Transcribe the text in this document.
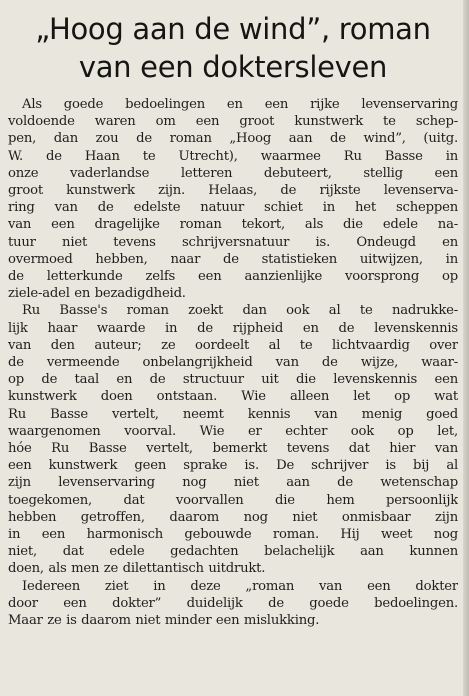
„Hoog aan de wind”, roman
van een doktersleven

Als goede bedoelingen en een rijke levenservaring
voldoende waren om een groot kunstwerk te schep-
pen, dan zou de roman „Hoog aan de wind”, (uitg.
W. de Haan te Utrecht), waarmee Ru Basse in
onze vaderlandse letteren debuteert, stellig een
groot kunstwerk zijn. Helaas, de rijkste levenserva-
ring van de edelste natuur schiet in het scheppen
van een dragelijke roman tekort, als die edele na-
tuur niet tevens schrijversnatuur is. Ondeugd en
overmoed hebben, naar de statistieken uitwijzen, in
de letterkunde zelfs een aanzienlijke voorsprong op
ziele-adel en bezadigdheid.

Ru Basse's roman zoekt dan ook al te nadrukke-
lijk haar waarde in de rijpheid en de levenskennis
van den auteur; ze oordeelt al te lichtvaardig over
de vermeende onbelangrijkheid van de wijze, waar-
op de taal en de structuur uit die levenskennis een
kunstwerk doen ontstaan. Wie alleen let op wat
Ru Basse vertelt, neemt kennis van menig goed
waargenomen voorval. Wie er echter ook op let,
hóe Ru Basse vertelt, bemerkt tevens dat hier van
een kunstwerk geen sprake is. De schrijver is bij al
zijn levenservaring nog niet aan de wetenschap
toegekomen, dat voorvallen die hem persoonlijk
hebben getroffen, daarom nog niet onmisbaar zijn
in een harmonisch gebouwde roman. Hij weet nog
niet, dat edele gedachten belachelijk aan kunnen
doen, als men ze dilettantisch uitdrukt.

Iedereen ziet in deze „roman van een dokter
door een dokter” duidelijk de goede bedoelingen.
Maar ze is daarom niet minder een mislukking.
